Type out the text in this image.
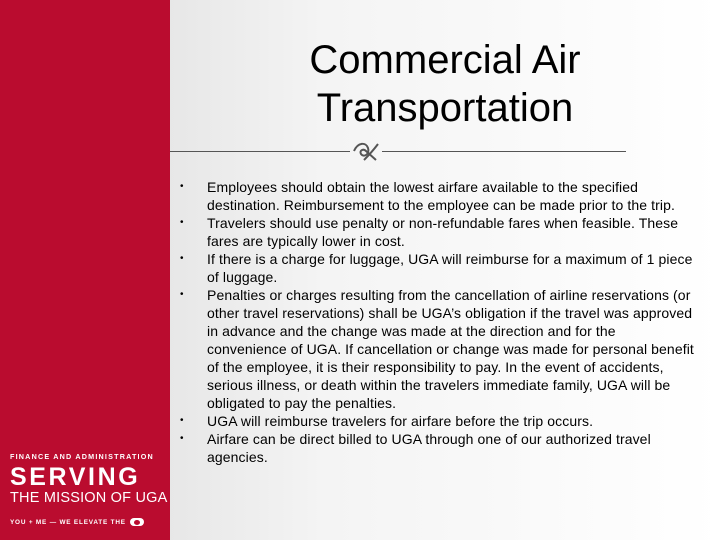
FINANCE AND ADMINISTRATION
SERVING
THE MISSION OF UGA
YOU + ME — WE ELEVATE THE
Commercial Air
Transportation
• Employees should obtain the lowest airfare available to the specified destination. Reimbursement to the employee can be made prior to the trip.
• Travelers should use penalty or non-refundable fares when feasible. These fares are typically lower in cost.
• If there is a charge for luggage, UGA will reimburse for a maximum of 1 piece of luggage.
• Penalties or charges resulting from the cancellation of airline reservations (or other travel reservations) shall be UGA’s obligation if the travel was approved in advance and the change was made at the direction and for the convenience of UGA. If cancellation or change was made for personal benefit of the employee, it is their responsibility to pay. In the event of accidents, serious illness, or death within the travelers immediate family, UGA will be obligated to pay the penalties.
• UGA will reimburse travelers for airfare before the trip occurs.
• Airfare can be direct billed to UGA through one of our authorized travel agencies.
